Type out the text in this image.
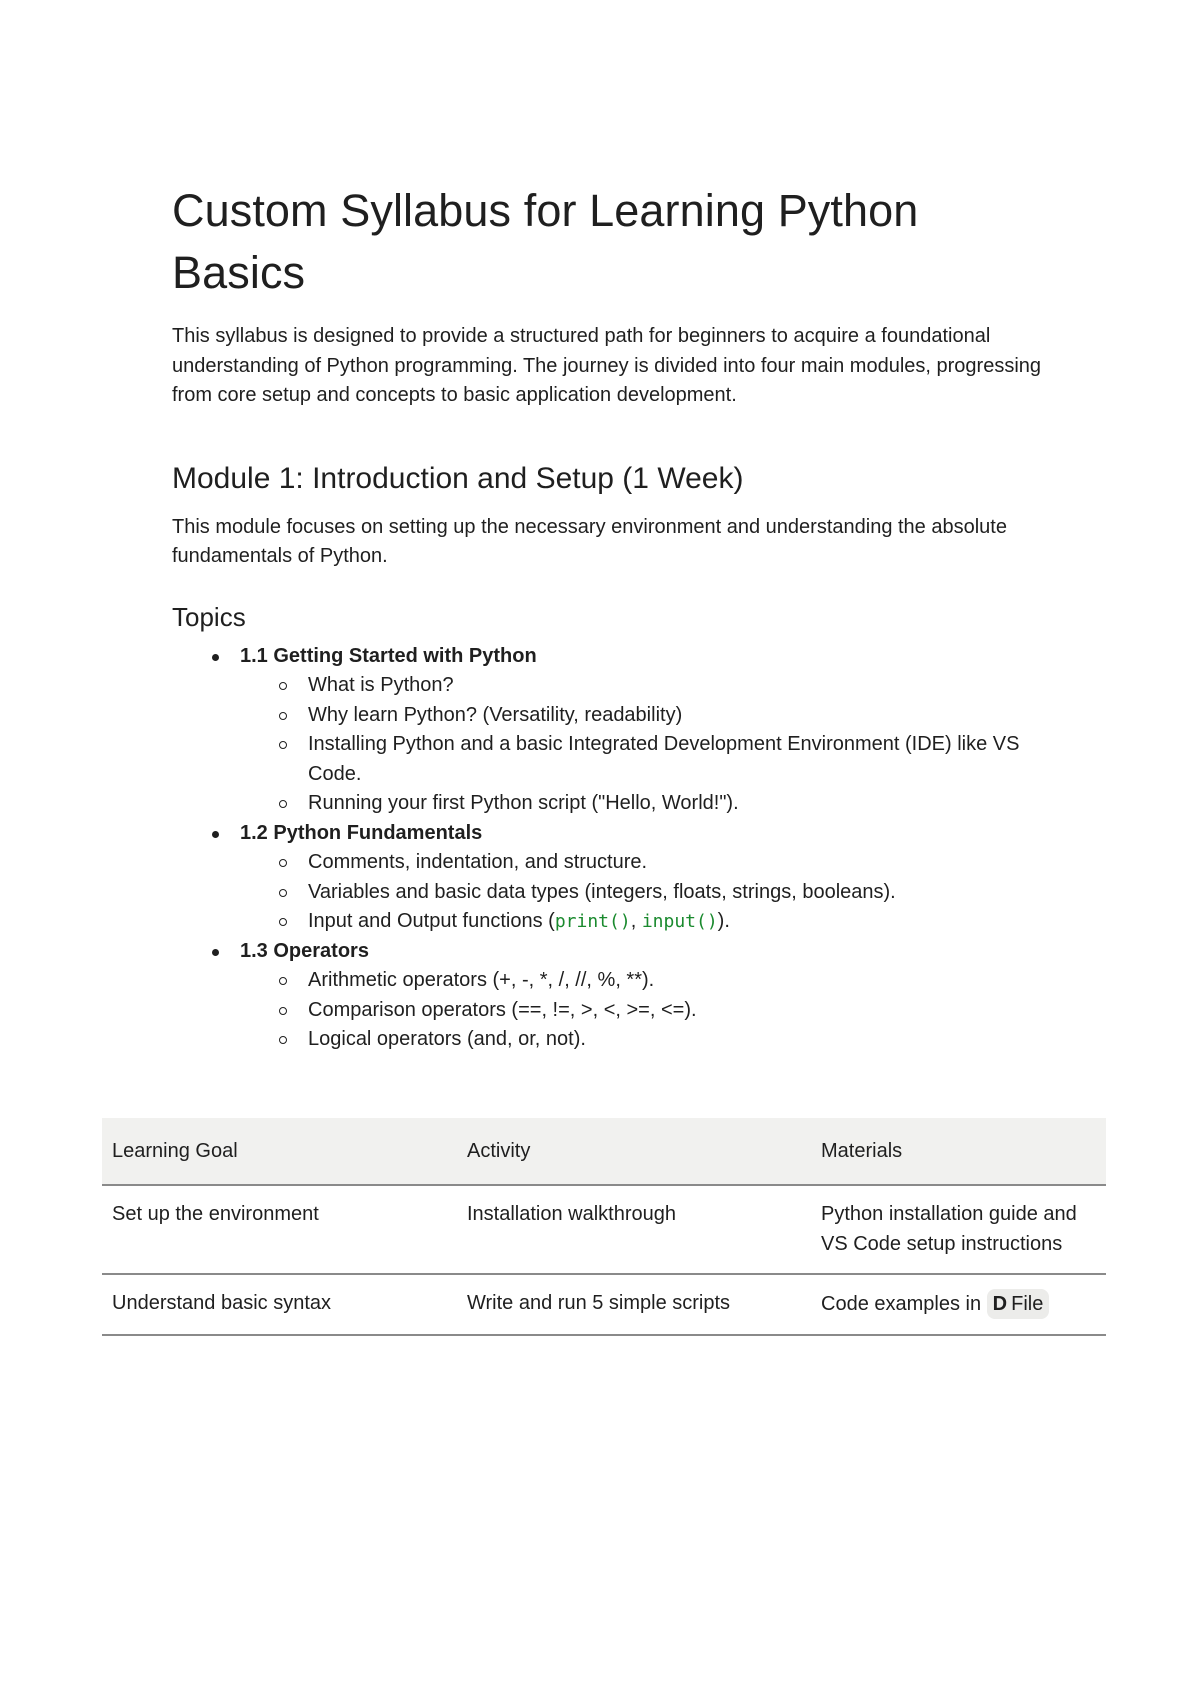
Custom Syllabus for Learning Python Basics

This syllabus is designed to provide a structured path for beginners to acquire a foundational understanding of Python programming. The journey is divided into four main modules, progressing from core setup and concepts to basic application development.

Module 1: Introduction and Setup (1 Week)

This module focuses on setting up the necessary environment and understanding the absolute fundamentals of Python.

Topics
1.1 Getting Started with Python
What is Python?
Why learn Python? (Versatility, readability)
Installing Python and a basic Integrated Development Environment (IDE) like VS Code.
Running your first Python script ("Hello, World!").
1.2 Python Fundamentals
Comments, indentation, and structure.
Variables and basic data types (integers, floats, strings, booleans).
Input and Output functions (print(), input()).
1.3 Operators
Arithmetic operators (+, -, *, /, //, %, **).
Comparison operators (==, !=, >, <, >=, <=).
Logical operators (and, or, not).
Learning Goal	Activity	Materials
Set up the environment	Installation walkthrough	Python installation guide and VS Code setup instructions
Understand basic syntax	Write and run 5 simple scripts	Code examples in D File
